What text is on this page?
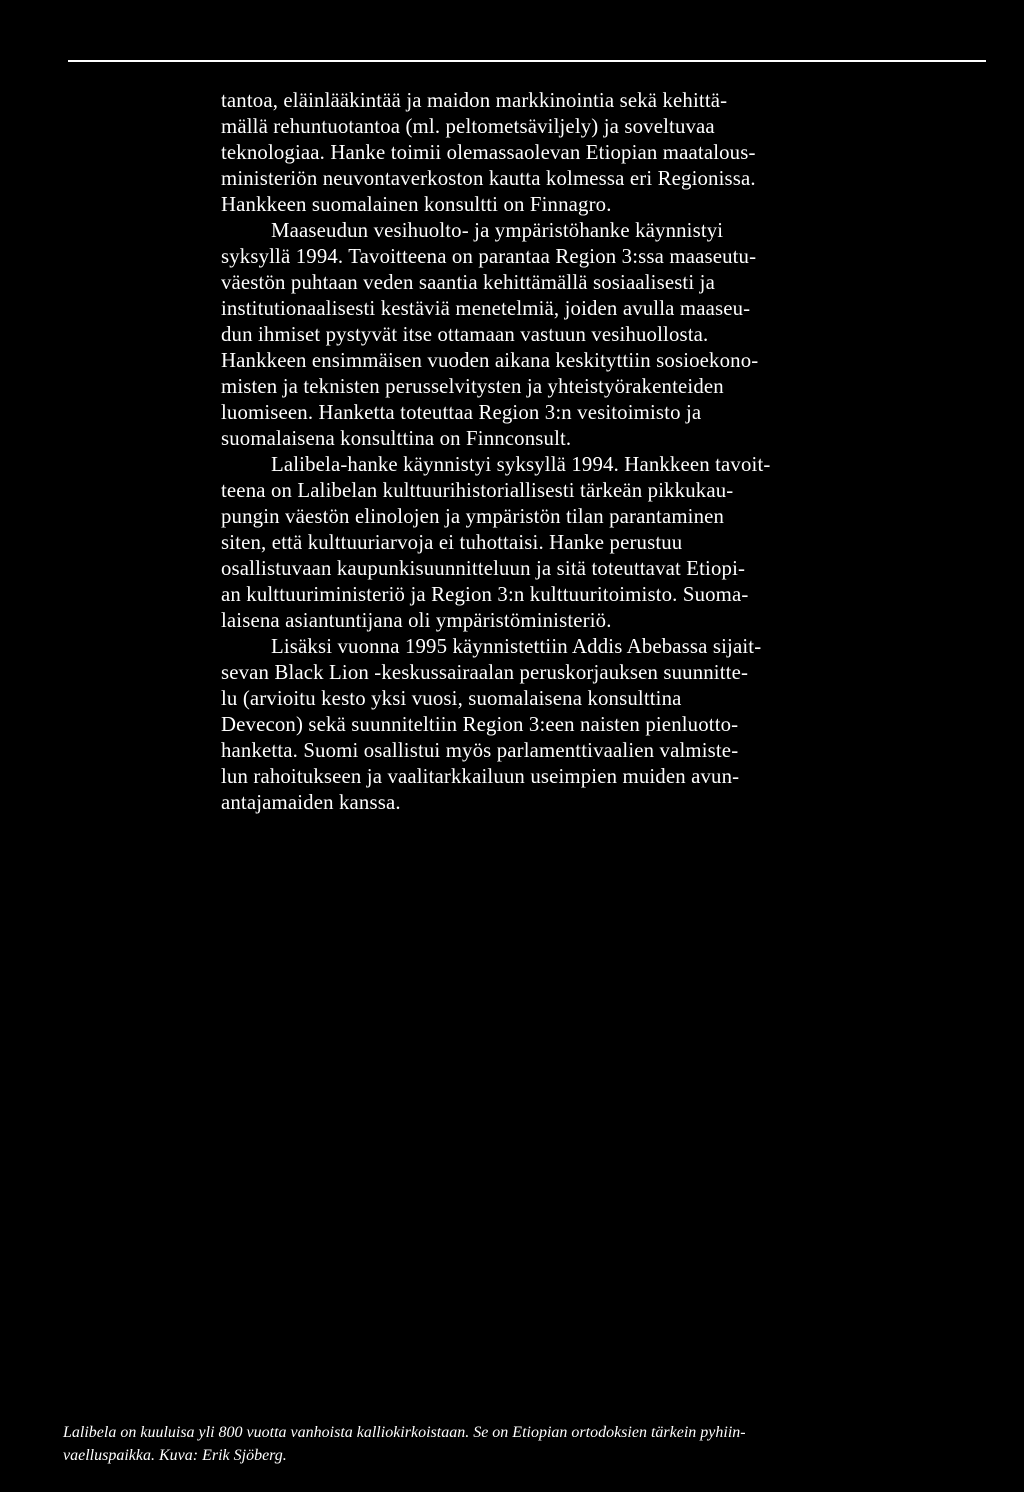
tantoa, eläinlääkintää ja maidon markkinointia sekä kehittä-
mällä rehuntuotantoa (ml. peltometsäviljely) ja soveltuvaa
teknologiaa. Hanke toimii olemassaolevan Etiopian maatalous-
ministeriön neuvontaverkoston kautta kolmessa eri Regionissa.
Hankkeen suomalainen konsultti on Finnagro.
Maaseudun vesihuolto- ja ympäristöhanke käynnistyi
syksyllä 1994. Tavoitteena on parantaa Region 3:ssa maaseutu-
väestön puhtaan veden saantia kehittämällä sosiaalisesti ja
institutionaalisesti kestäviä menetelmiä, joiden avulla maaseu-
dun ihmiset pystyvät itse ottamaan vastuun vesihuollosta.
Hankkeen ensimmäisen vuoden aikana keskityttiin sosioekono-
misten ja teknisten perusselvitysten ja yhteistyörakenteiden
luomiseen. Hanketta toteuttaa Region 3:n vesitoimisto ja
suomalaisena konsulttina on Finnconsult.
Lalibela-hanke käynnistyi syksyllä 1994. Hankkeen tavoit-
teena on Lalibelan kulttuurihistoriallisesti tärkeän pikkukau-
pungin väestön elinolojen ja ympäristön tilan parantaminen
siten, että kulttuuriarvoja ei tuhottaisi. Hanke perustuu
osallistuvaan kaupunkisuunnitteluun ja sitä toteuttavat Etiopi-
an kulttuuriministeriö ja Region 3:n kulttuuritoimisto. Suoma-
laisena asiantuntijana oli ympäristöministeriö.
Lisäksi vuonna 1995 käynnistettiin Addis Abebassa sijait-
sevan Black Lion -keskussairaalan peruskorjauksen suunnitte-
lu (arvioitu kesto yksi vuosi, suomalaisena konsulttina
Devecon) sekä suunniteltiin Region 3:een naisten pienluotto-
hanketta. Suomi osallistui myös parlamenttivaalien valmiste-
lun rahoitukseen ja vaalitarkkailuun useimpien muiden avun-
antajamaiden kanssa.
Lalibela on kuuluisa yli 800 vuotta vanhoista kalliokirkoistaan. Se on Etiopian ortodoksien tärkein pyhiin-
vaelluspaikka. Kuva: Erik Sjöberg.
